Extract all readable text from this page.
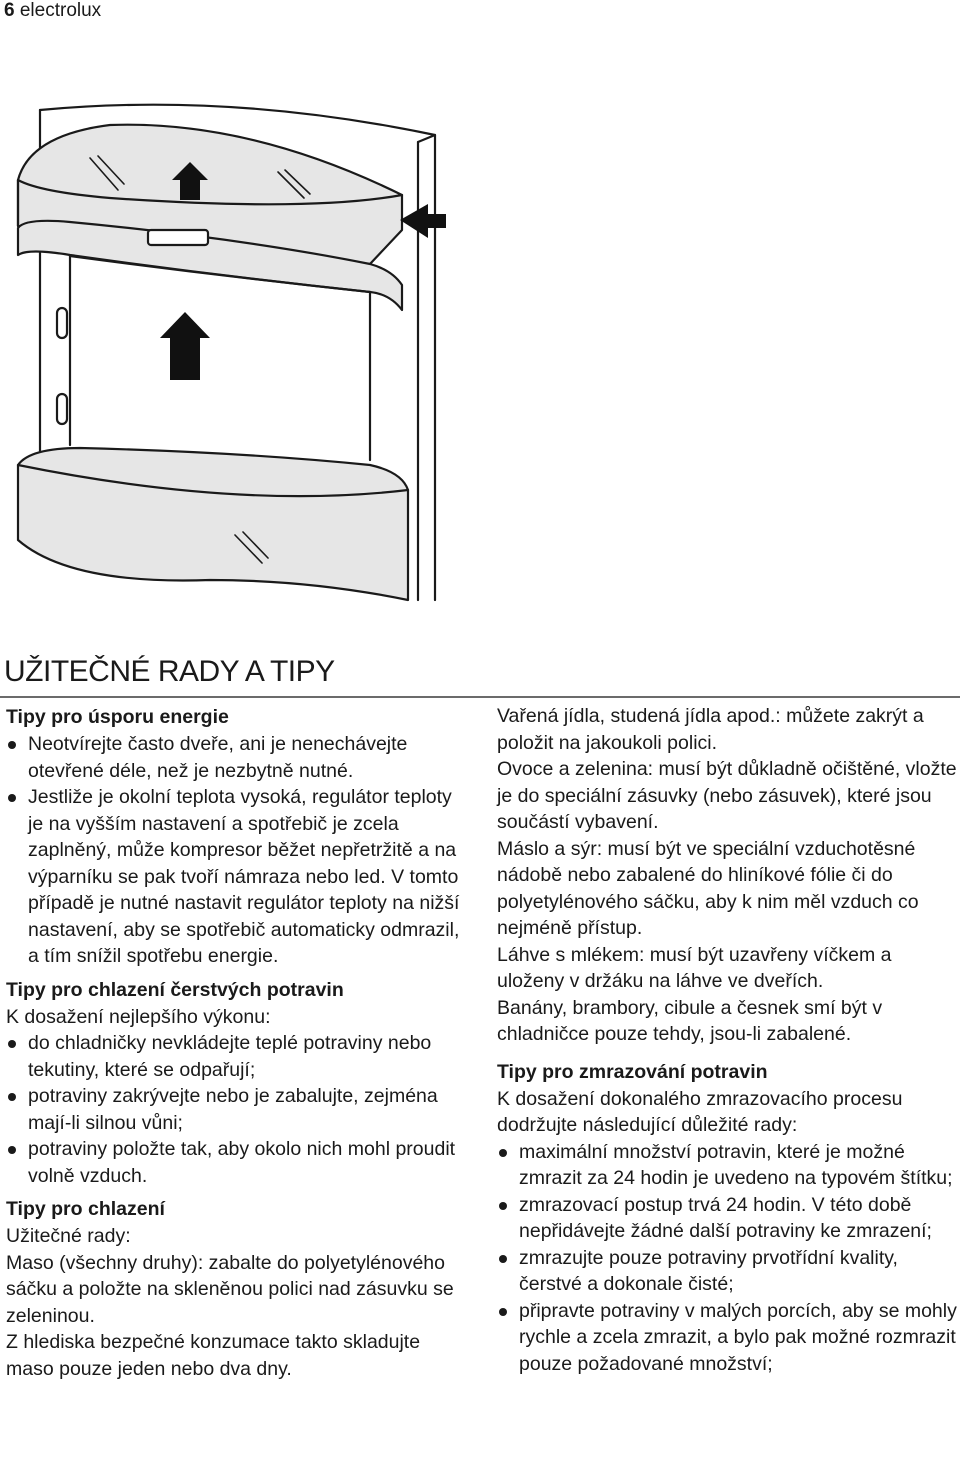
6 electrolux
UŽITEČNÉ RADY A TIPY
Tipy pro úsporu energie
Neotvírejte často dveře, ani je nenechávejte otevřené déle, než je nezbytně nutné.
Jestliže je okolní teplota vysoká, regulátor teploty je na vyšším nastavení a spotřebič je zcela zaplněný, může kompresor běžet nepřetržitě a na výparníku se pak tvoří námraza nebo led. V tomto případě je nutné nastavit regulátor teploty na nižší nastavení, aby se spotřebič automaticky odmrazil, a tím snížil spotřebu energie.
Tipy pro chlazení čerstvých potravin

K dosažení nejlepšího výkonu:

do chladničky nevkládejte teplé potraviny nebo tekutiny, které se odpařují;
potraviny zakrývejte nebo je zabalujte, zejména mají-li silnou vůni;
potraviny položte tak, aby okolo nich mohl proudit volně vzduch.
Tipy pro chlazení

Užitečné rady:

Maso (všechny druhy): zabalte do polyetylénového sáčku a položte na skleněnou polici nad zásuvku se zeleninou.

Z hlediska bezpečné konzumace takto skladujte maso pouze jeden nebo dva dny.

Vařená jídla, studená jídla apod.: můžete zakrýt a položit na jakoukoli polici.

Ovoce a zelenina: musí být důkladně očištěné, vložte je do speciální zásuvky (nebo zásuvek), které jsou součástí vybavení.

Máslo a sýr: musí být ve speciální vzduchotěsné nádobě nebo zabalené do hliníkové fólie či do polyetylénového sáčku, aby k nim měl vzduch co nejméně přístup.

Láhve s mlékem: musí být uzavřeny víčkem a uloženy v držáku na láhve ve dveřích.

Banány, brambory, cibule a česnek smí být v chladničce pouze tehdy, jsou-li zabalené.

Tipy pro zmrazování potravin

K dosažení dokonalého zmrazovacího procesu dodržujte následující důležité rady:

maximální množství potravin, které je možné zmrazit za 24 hodin je uvedeno na typovém štítku;
zmrazovací postup trvá 24 hodin. V této době nepřidávejte žádné další potraviny ke zmrazení;
zmrazujte pouze potraviny prvotřídní kvality, čerstvé a dokonale čisté;
připravte potraviny v malých porcích, aby se mohly rychle a zcela zmrazit, a bylo pak možné rozmrazit pouze požadované množství;
